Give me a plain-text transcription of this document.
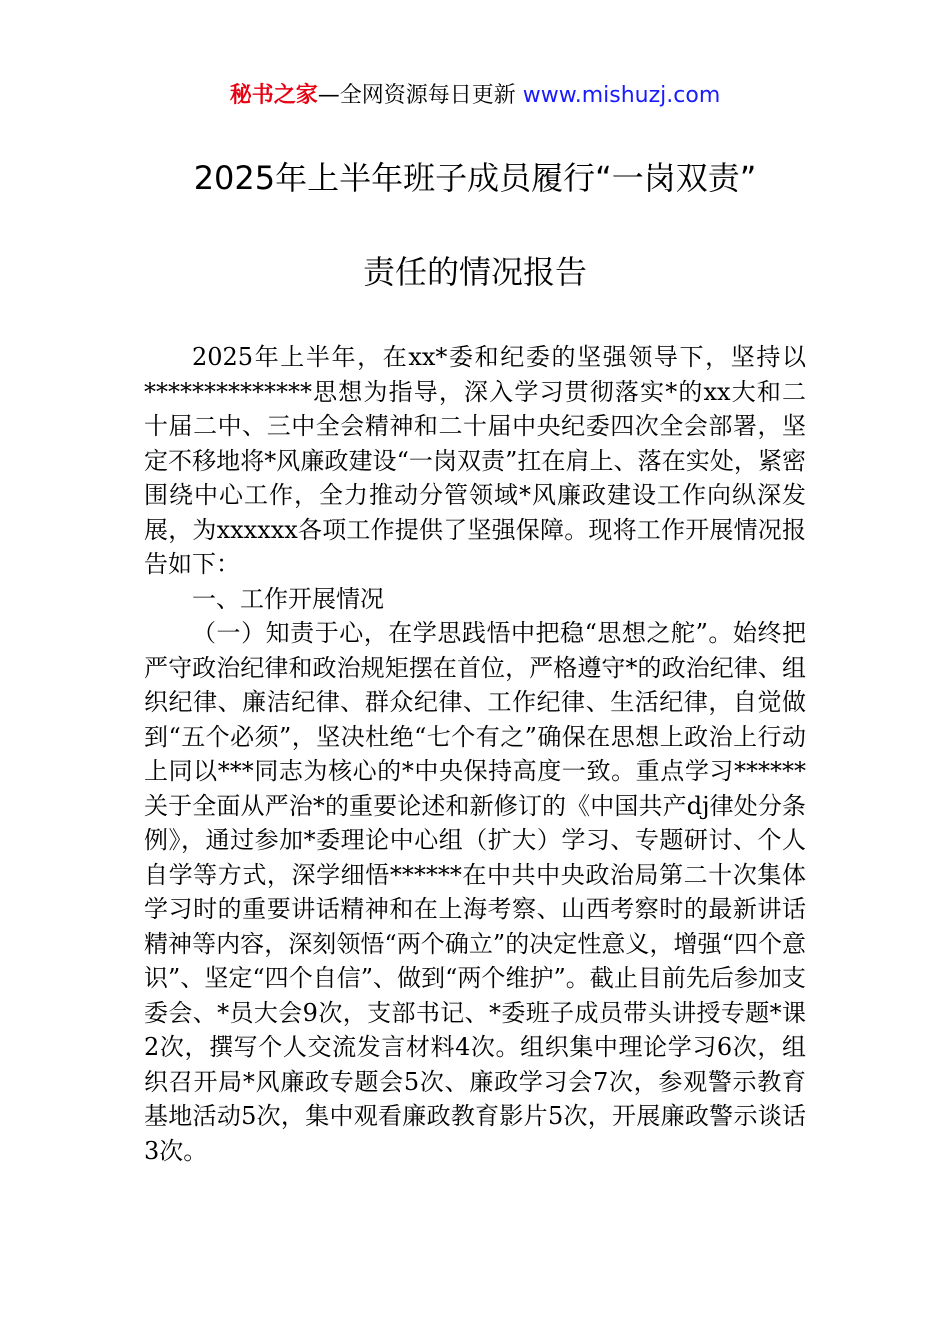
秘书之家—全网资源每日更新 www.mishuzj.com
2025年上半年班子成员履行“一岗双责”
责任的情况报告

2025年上半年，在xx*委和纪委的坚强领导下，坚持以**************思想为指导，深入学习贯彻落实*的xx大和二十届二中、三中全会精神和二十届中央纪委四次全会部署，坚定不移地将*风廉政建设“一岗双责”扛在肩上、落在实处，紧密围绕中心工作，全力推动分管领域*风廉政建设工作向纵深发展，为xxxxxx各项工作提供了坚强保障。现将工作开展情况报告如下：

一、工作开展情况

（一）知责于心，在学思践悟中把稳“思想之舵”。始终把严守政治纪律和政治规矩摆在首位，严格遵守*的政治纪律、组织纪律、廉洁纪律、群众纪律、工作纪律、生活纪律，自觉做到“五个必须”，坚决杜绝“七个有之”确保在思想上政治上行动上同以***同志为核心的*中央保持高度一致。重点学习******关于全面从严治*的重要论述和新修订的《中国共产dj律处分条例》，通过参加*委理论中心组（扩大）学习、专题研讨、个人自学等方式，深学细悟******在中共中央政治局第二十次集体学习时的重要讲话精神和在上海考察、山西考察时的最新讲话精神等内容，深刻领悟“两个确立”的决定性意义，增强“四个意识”、坚定“四个自信”、做到“两个维护”。截止目前先后参加支委会、*员大会9次，支部书记、*委班子成员带头讲授专题*课2次，撰写个人交流发言材料4次。组织集中理论学习6次，组织召开局*风廉政专题会5次、廉政学习会7次，参观警示教育基地活动5次，集中观看廉政教育影片5次，开展廉政警示谈话3次。
